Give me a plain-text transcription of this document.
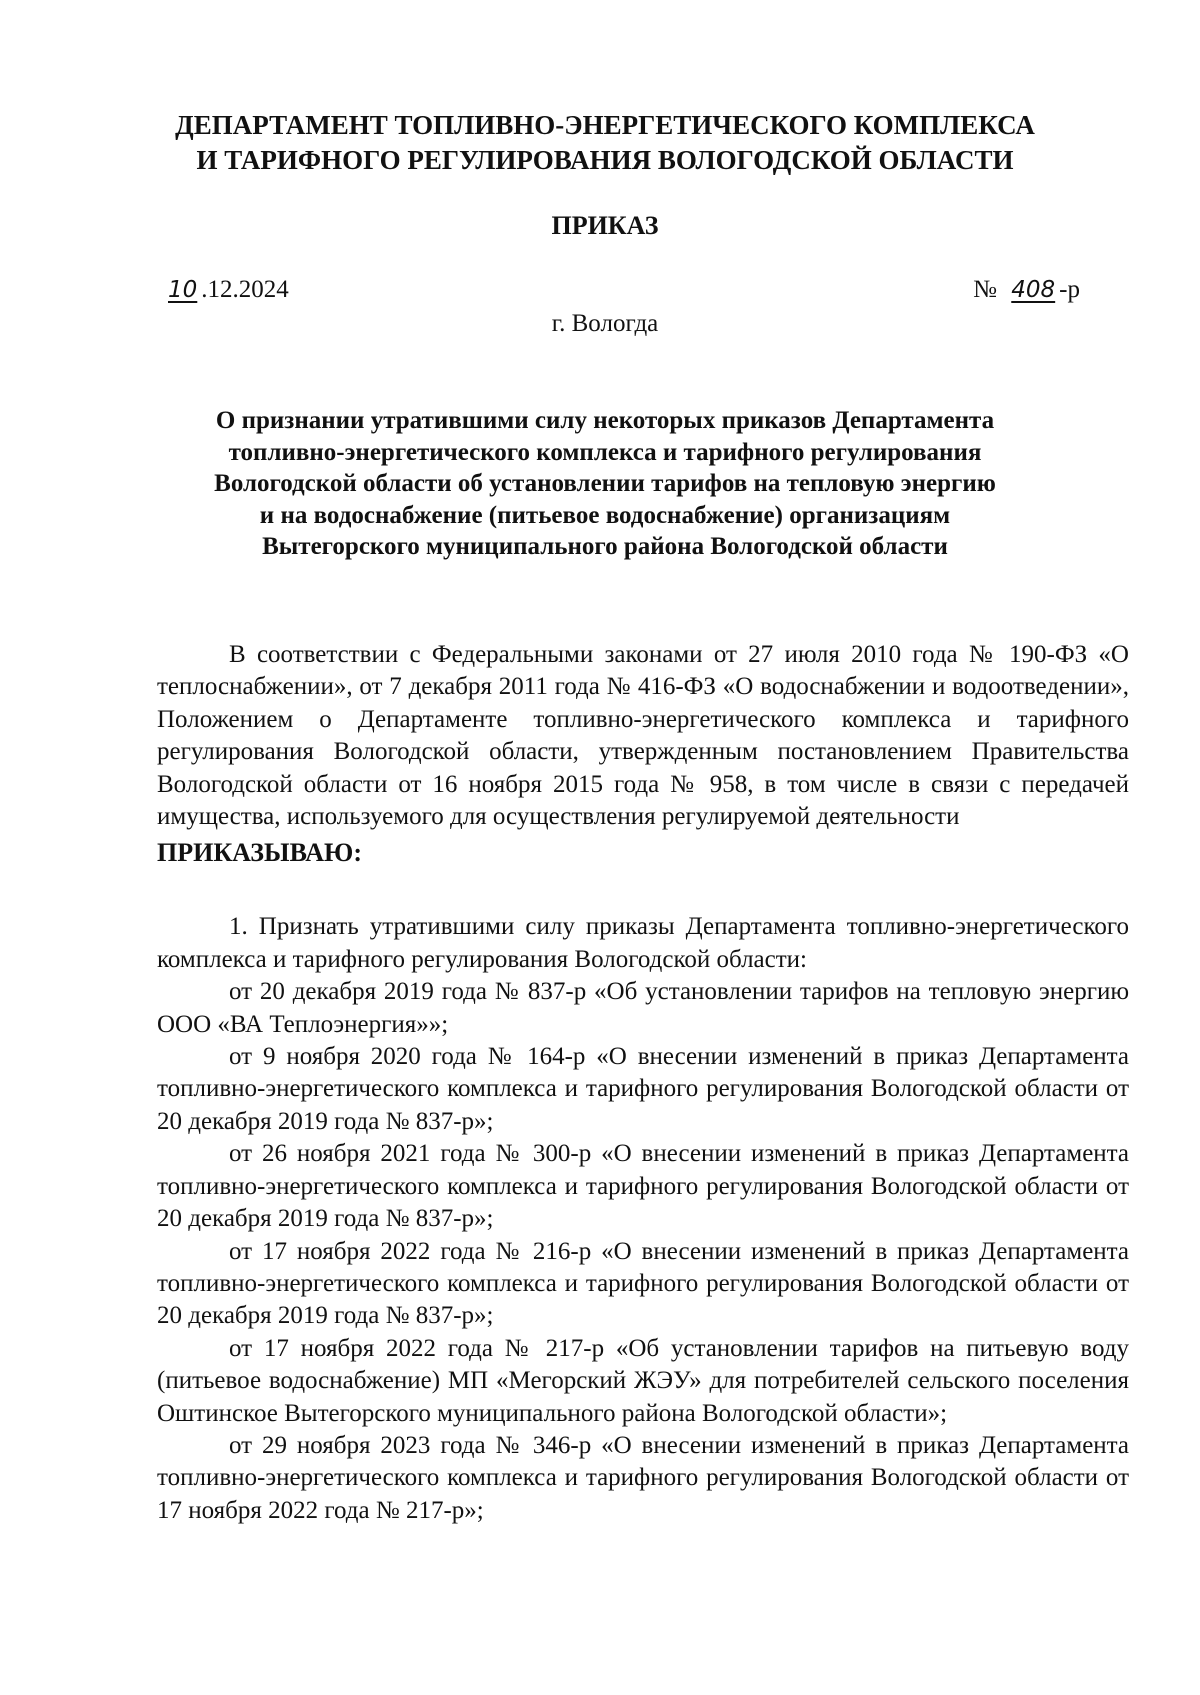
ДЕПАРТАМЕНТ ТОПЛИВНО-ЭНЕРГЕТИЧЕСКОГО КОМПЛЕКСА
И ТАРИФНОГО РЕГУЛИРОВАНИЯ ВОЛОГОДСКОЙ ОБЛАСТИ
ПРИКАЗ
10 .12.2024	№ 408 -р
г. Вологда
О признании утратившими силу некоторых приказов Департамента
топливно-энергетического комплекса и тарифного регулирования
Вологодской области об установлении тарифов на тепловую энергию
и на водоснабжение (питьевое водоснабжение) организациям
Вытегорского муниципального района Вологодской области

В соответствии с Федеральными законами от 27 июля 2010 года № 190-ФЗ «О теплоснабжении», от 7 декабря 2011 года № 416-ФЗ «О водоснабжении и водоотведении», Положением о Департаменте топливно-энергетического комплекса и тарифного регулирования Вологодской области, утвержденным постановлением Правительства Вологодской области от 16 ноября 2015 года № 958, в том числе в связи с передачей имущества, используемого для осуществления регулируемой деятельности

ПРИКАЗЫВАЮ:

1. Признать утратившими силу приказы Департамента топливно-энергетического комплекса и тарифного регулирования Вологодской области:

от 20 декабря 2019 года № 837-р «Об установлении тарифов на тепловую энергию ООО «ВА Теплоэнергия»»;

от 9 ноября 2020 года № 164-р «О внесении изменений в приказ Департамента топливно-энергетического комплекса и тарифного регулирования Вологодской области от 20 декабря 2019 года № 837-р»;

от 26 ноября 2021 года № 300-р «О внесении изменений в приказ Департамента топливно-энергетического комплекса и тарифного регулирования Вологодской области от 20 декабря 2019 года № 837-р»;

от 17 ноября 2022 года № 216-р «О внесении изменений в приказ Департамента топливно-энергетического комплекса и тарифного регулирования Вологодской области от 20 декабря 2019 года № 837-р»;

от 17 ноября 2022 года № 217-р «Об установлении тарифов на питьевую воду (питьевое водоснабжение) МП «Мегорский ЖЭУ» для потребителей сельского поселения Оштинское Вытегорского муниципального района Вологодской области»;

от 29 ноября 2023 года № 346-р «О внесении изменений в приказ Департамента топливно-энергетического комплекса и тарифного регулирования Вологодской области от 17 ноября 2022 года № 217-р»;
